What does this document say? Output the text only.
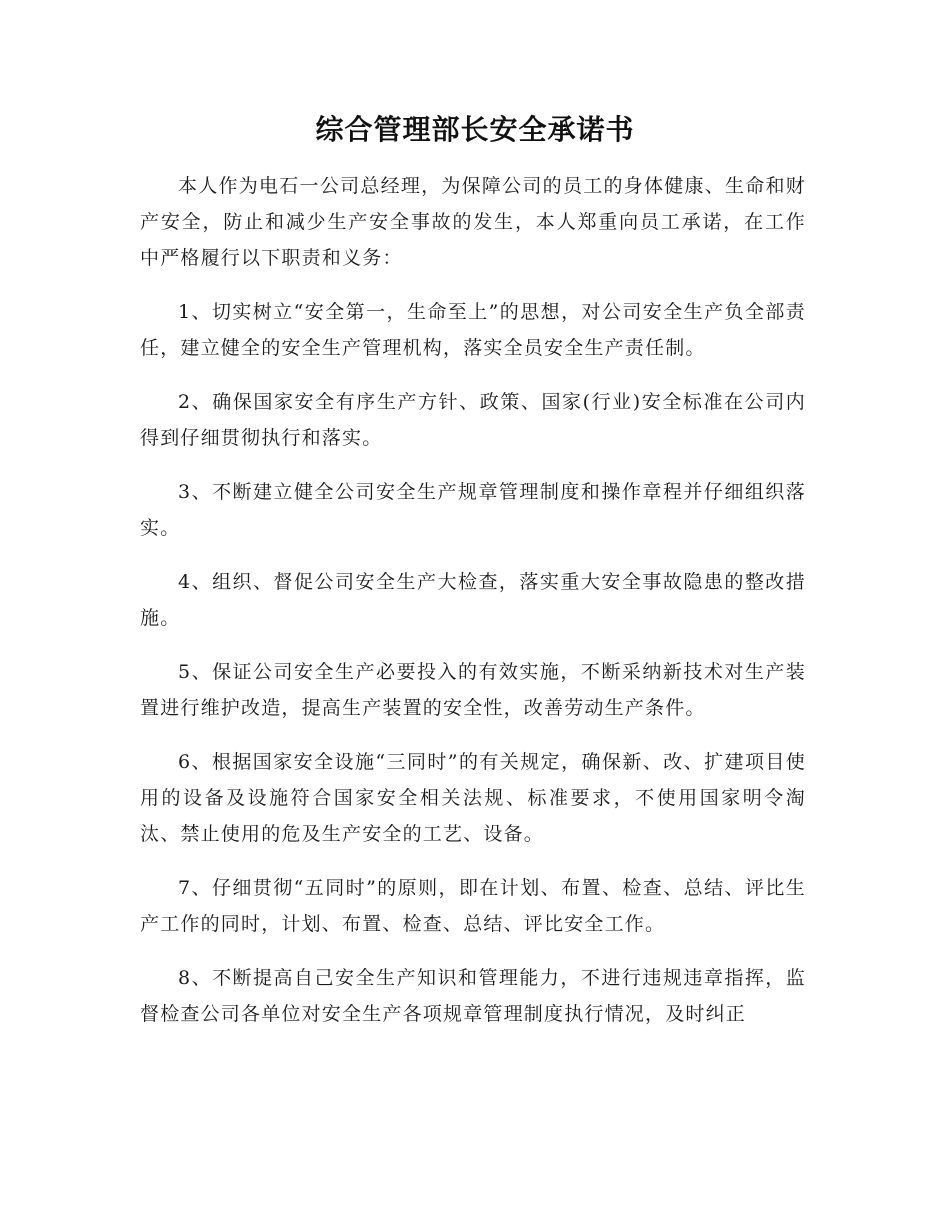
综合管理部长安全承诺书

本人作为电石一公司总经理，为保障公司的员工的身体健康、生命和财产安全，防止和减少生产安全事故的发生，本人郑重向员工承诺，在工作中严格履行以下职责和义务：

1、切实树立“安全第一，生命至上”的思想，对公司安全生产负全部责任，建立健全的安全生产管理机构，落实全员安全生产责任制。

2、确保国家安全有序生产方针、政策、国家(行业)安全标准在公司内得到仔细贯彻执行和落实。

3、不断建立健全公司安全生产规章管理制度和操作章程并仔细组织落实。

4、组织、督促公司安全生产大检查，落实重大安全事故隐患的整改措施。

5、保证公司安全生产必要投入的有效实施，不断采纳新技术对生产装置进行维护改造，提高生产装置的安全性，改善劳动生产条件。

6、根据国家安全设施“三同时”的有关规定，确保新、改、扩建项目使用的设备及设施符合国家安全相关法规、标准要求，不使用国家明令淘汰、禁止使用的危及生产安全的工艺、设备。

7、仔细贯彻“五同时”的原则，即在计划、布置、检查、总结、评比生产工作的同时，计划、布置、检查、总结、评比安全工作。

8、不断提高自己安全生产知识和管理能力，不进行违规违章指挥，监督检查公司各单位对安全生产各项规章管理制度执行情况，及时纠正
